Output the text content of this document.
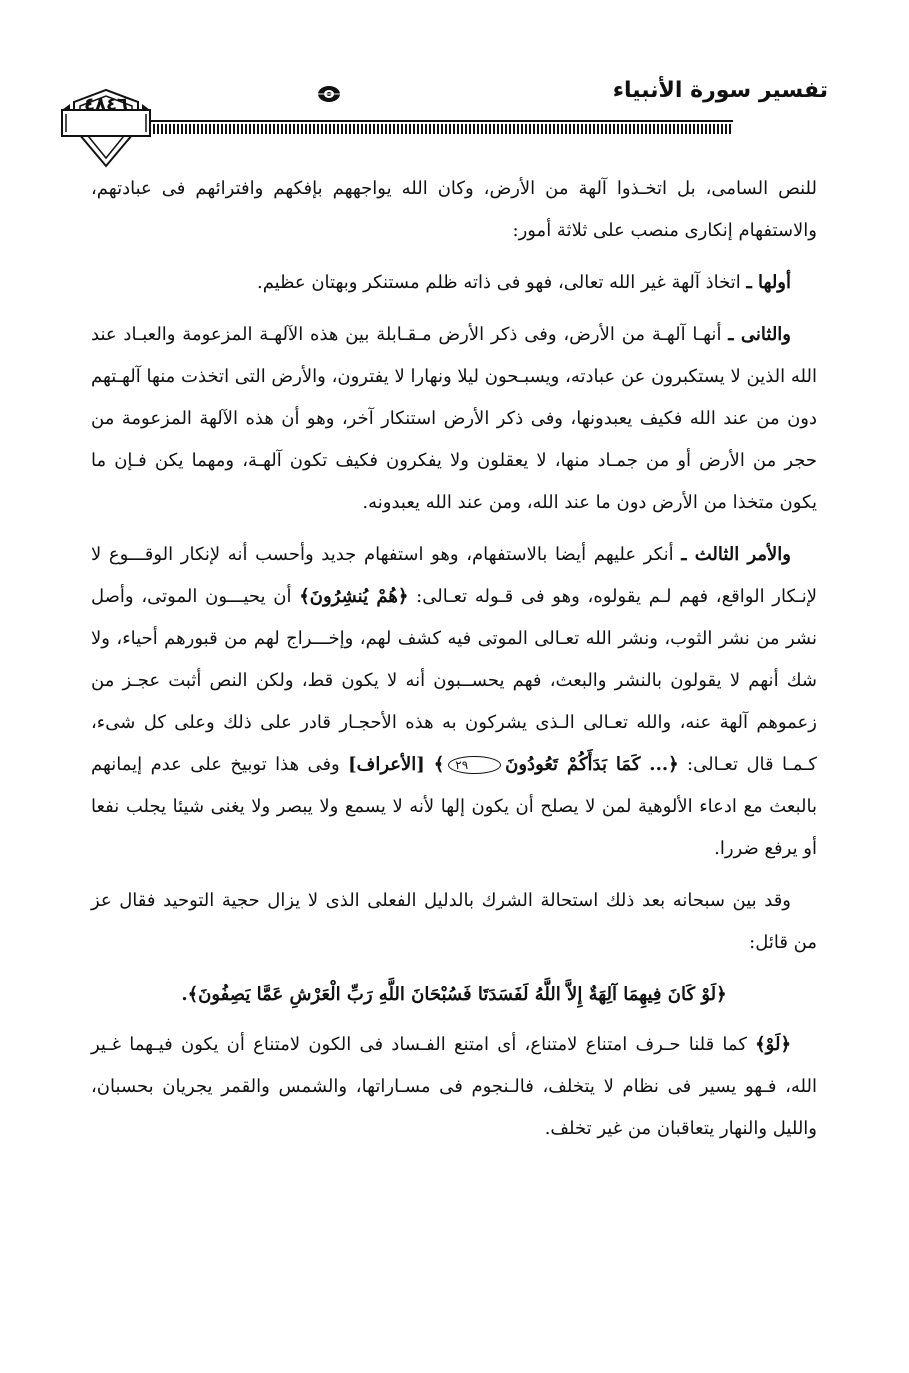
تفسير سورة الأنبياء
٤٨٤٦

للنص السامى، بل اتخـذوا آلهة من الأرض، وكان الله يواجههم بإفكهم وافترائهم فى عبادتهم، والاستفهام إنكارى منصب على ثلاثة أمور:

أولها ـ اتخاذ آلهة غير الله تعالى، فهو فى ذاته ظلم مستنكر وبهتان عظيم.

والثانى ـ أنهـا آلهـة من الأرض، وفى ذكر الأرض مـقـابلة بين هذه الآلهـة المزعومة والعبـاد عند الله الذين لا يستكبرون عن عبادته، ويسبـحون ليلا ونهارا لا يفترون، والأرض التى اتخذت منها آلهـتهم دون من عند الله فكيف يعبدونها، وفى ذكر الأرض استنكار آخر، وهو أن هذه الآلهة المزعومة من حجر من الأرض أو من جمـاد منها، لا يعقلون ولا يفكرون فكيف تكون آلهـة، ومهما يكن فـإن ما يكون متخذا من الأرض دون ما عند الله، ومن عند الله يعبدونه.

والأمر الثالث ـ أنكر عليهم أيضا بالاستفهام، وهو استفهام جديد وأحسب أنه لإنكار الوقـــوع لا لإنـكار الواقع، فهم لـم يقولوه، وهو فى قـوله تعـالى: ﴿هُمْ يُنشِرُونَ﴾ أن يحيـــون الموتى، وأصل نشر من نشر الثوب، ونشر الله تعـالى الموتى فيه كشف لهم، وإخـــراج لهم من قبورهم أحياء، ولا شك أنهم لا يقولون بالنشر والبعث، فهم يحســبون أنه لا يكون قط، ولكن النص أثبت عجـز من زعموهم آلهة عنه، والله تعـالى الـذى يشركون به هذه الأحجـار قادر على ذلك وعلى كل شىء، كـمـا قال تعـالى: ﴿... كَمَا بَدَأَكُمْ تَعُودُونَ٢٩﴾ [الأعراف] وفى هذا توبيخ على عدم إيمانهم بالبعث مع ادعاء الألوهية لمن لا يصلح أن يكون إلها لأنه لا يسمع ولا يبصر ولا يغنى شيئا يجلب نفعا أو يرفع ضررا.

وقد بين سبحانه بعد ذلك استحالة الشرك بالدليل الفعلى الذى لا يزال حجية التوحيد فقال عز من قائل:

﴿لَوْ كَانَ فِيهِمَا آلِهَةٌ إِلاَّ اللَّهُ لَفَسَدَتَا فَسُبْحَانَ اللَّهِ رَبِّ الْعَرْشِ عَمَّا يَصِفُونَ﴾.

﴿لَوْ﴾ كما قلنا حـرف امتناع لامتناع، أى امتنع الفـساد فى الكون لامتناع أن يكون فيـهما غـير الله، فـهو يسير فى نظام لا يتخلف، فالـنجوم فى مسـاراتها، والشمس والقمر يجريان بحسبان، والليل والنهار يتعاقبان من غير تخلف.
